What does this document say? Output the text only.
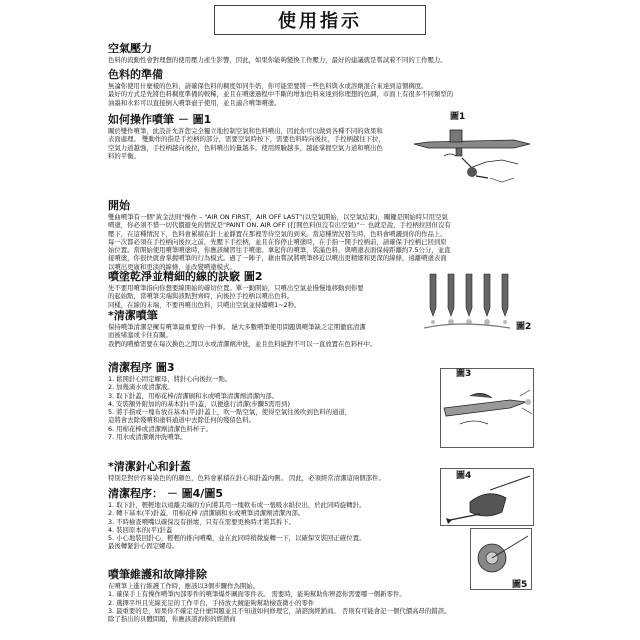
使用指示
空氣壓力
色料的流動性會對理想的使用壓力產生影響，因此，如果你能夠變換工作壓力，最好的建議就是嘗試着不同的工作壓力。
色料的準備
無論你使用什麼樣的色料，請確保色料的稠度如同牛奶，你可能需要將一些色料與水或溶劑混合來達到這個稠度。
最好的方式是先將色料稠度準備的較稀，並且在噴塗過程中不斷的增加色料來達到你理想的色調，市面上有很多不同類型的
油墨和水彩可以直接倒入噴筆壺子使用，並且適合噴筆噴塗。
如何操作噴筆 － 圖1
關於雙作噴筆，此設計允許您完全獨立地控制空氣和色料噴出，因此你可以做到各種不同的效果和
表面處理。 雙動作的指是手控柄的部分，需要空氣時按下，需要色料時向後拉，手控柄越往下拉，
空氣力道越強，手控柄越向後拉，色料噴出的量越多。使用經驗越多，越能掌握空氣力道和噴出色
料的平衡。
圖1
開始
雙曲噴筆有一個"黃金法則"操作 – "AIR ON FIRST，AIR OFF LAST"(以空氣開始，以空氣結束)，關鍵是開始時只用空氣
噴塗，你必須不惜一切代價避免的情況是"PAINT ON, AIR OFF (打開色料但沒有出空氣)"－ 也就是說，手控柄拉回但沒有
壓下，在這種情況下，色料會累積在針上並靜置在那裡等待空氣的到來。當這種情況發生時，色料會噴灑到你的作品上。
每一次都必須在手控柄向後拉之前，先壓下手控柄，並且在你停止噴塗時，在手指一開手控柄前，請確保手控柄已回到原
始位置。當開始使用噴筆噴塗時，你應該練習往手噴塗。拿起你的噴筆，裝滿色料，與噴塗表面保持距離約7.5公分，並直
接噴塗，你很快就會掌握噴筆的行為模式。過了一陣子，藉由嘗試將噴筆移近以噴出更精細和更深的線條，遠離噴塗表面
以噴出更廣和更淡的線條，並改變噴塗模式。
噴塗乾淨並精細的線的訣竅 圖2
先不要用噴筆指向你想要線開始的確切位置。單一動開始，只噴出空氣並慢慢地移動到你要
的起始點，當噴筆尖端與該點對齊時，向後拉手控柄以噴出色料。
同樣，在線的末端，不要再噴出色料，只噴出空氣並持續噴1~2秒。
圖2
*清潔噴筆
保持噴筆清潔是擁有噴筆最重要的一件事。 絕大多數噴筆使用問題與噴筆缺乏定期徹底清潔
而被堵塞或卡住有關。
我們的噴槍需要在每次換色之間以水或清潔劑沖洗，並且色料絕對不可以一直放置在色料杯中。
清潔程序 圖3
1. 鬆開針心固定螺母，將針心向後拉一點。
2. 加幾滴水或清潔液。
3. 取下針蓋，用棉花棒/清潔刷和水或噴筆清潔劑清潔內部。
4. 安裝額外附加的的基本針(平)蓋，以便進行清潔(步驟5需用到)
5. 將手指或一塊布放在基本(平)針蓋上，吹一點空氣，使得空氣往後吹到色料的通道，
這將會去除殘噴和塗料通道中去除任何的殘留色料。
6. 用棉花棒或清潔劑清潔色料杯子。
7. 用水或清潔劑沖洗噴筆。
圖3
*清潔針心和針蓋
特別是對於容易染色的的顏色，色料會累積在針心和針蓋內側。 因此，必須經常清潔這兩個部件。
清潔程序： － 圖4/圖5
1. 取下針，輕輕地以遠離尖端的方向將其用一塊軟布或一張吸水紙拉出，於此同時旋轉針。
2. 轉下基本(平)針蓋，用棉花棒 /清潔刷和水或噴筆清潔劑清潔內部。
3. 不時檢查噴嘴以確保沒有損壞，只有在需要更換時才將其拆下。
4. 裝回原本的(平)針蓋
5. 小心地裝回針心，輕輕的推向噴嘴，並在此同時稍微旋轉一下，以確保安裝回正確位置。
最後轉緊針心固定螺母。
圖4
圖5
噴筆維護和故障排除
在噴筆上進行維護工作時，應該以3個步驟作為開始。
1. 確保手上有操作噴筆內部零件的噴筆爆炸圖面零件表。 需要時，能夠幫助你辨認你需要哪一個新零件。
2. 選擇平坦且光線充足的工作平台，手持放大鏡能夠幫助檢查微小的零件
3. 最重要的是，如果你不確定是什麼問題並且不知道如何修理它，請諮詢經銷商。 否則有可能會記一個代價高昂的錯誤。
除了指出的具體問題，你應該諮詢你的經銷商
